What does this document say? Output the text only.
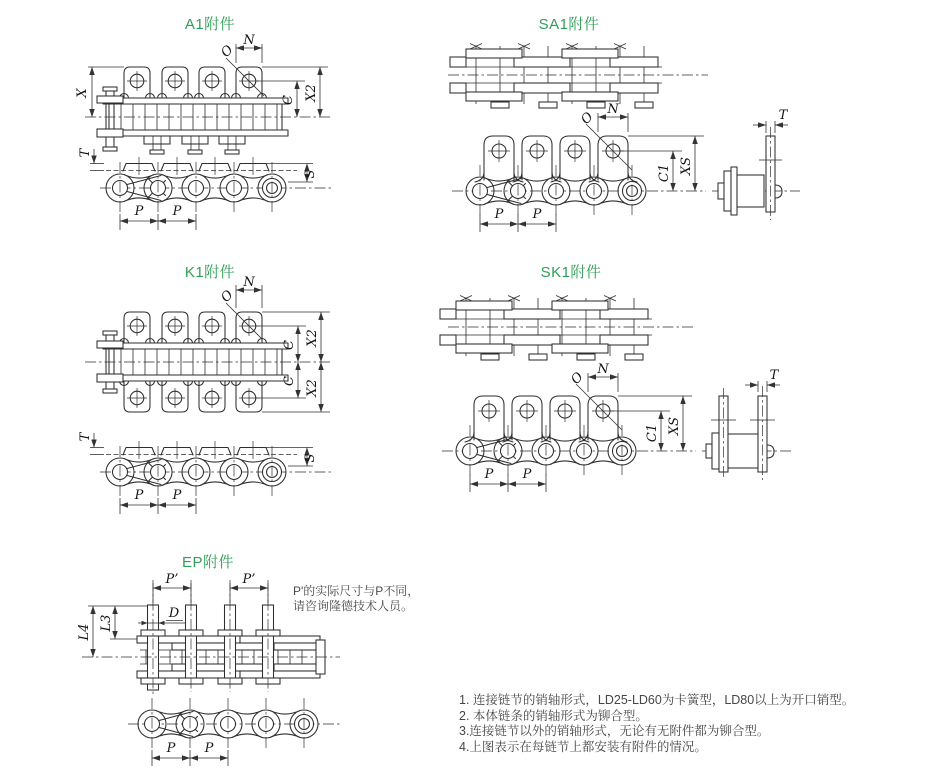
A1附件	SA1附件
K1附件	SK1附件
EP附件
X
N
O
C X2
T
S
P P
N
O
C1 XS
P P
T
N
O
X2
C
C X2
T
S
P P
N
O
C1 XS
P P
T
P’	P’
L3
L4
D
P P
P'的实际尺寸与P不同，
请咨询隆德技术人员。
1. 连接链节的销轴形式，LD25-LD60为卡簧型，LD80以上为开口销型。
2. 本体链条的销轴形式为铆合型。
3.连接链节以外的销轴形式，无论有无附件都为铆合型。
4.上图表示在每链节上都安装有附件的情况。
